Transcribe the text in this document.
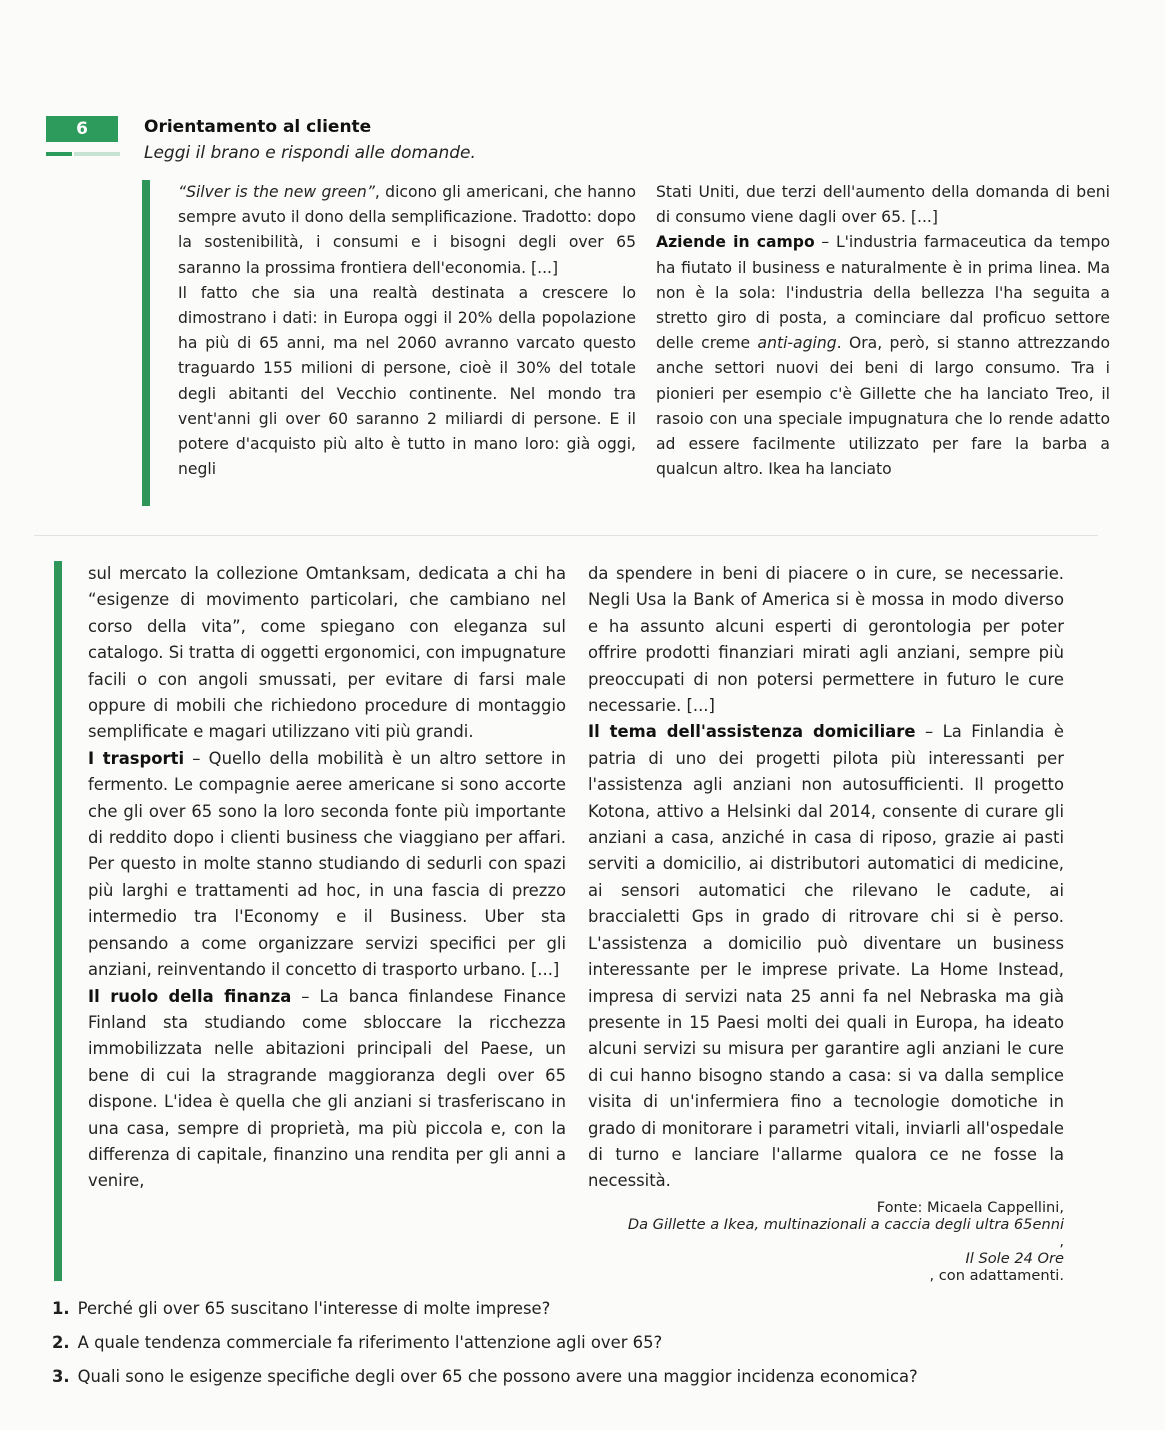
6	Orientamento al cliente
Leggi il brano e rispondi alle domande.

“Silver is the new green”, dicono gli americani, che hanno sempre avuto il dono della semplificazione. Tradotto: dopo la sostenibilità, i consumi e i bisogni degli over 65 saranno la prossima frontiera dell'economia. [...]

Il fatto che sia una realtà destinata a crescere lo dimostrano i dati: in Europa oggi il 20% della popolazione ha più di 65 anni, ma nel 2060 avranno varcato questo traguardo 155 milioni di persone, cioè il 30% del totale degli abitanti del Vecchio continente. Nel mondo tra vent'anni gli over 60 saranno 2 miliardi di persone. E il potere d'acquisto più alto è tutto in mano loro: già oggi, negli

Stati Uniti, due terzi dell'aumento della domanda di beni di consumo viene dagli over 65. [...]

Aziende in campo – L'industria farmaceutica da tempo ha fiutato il business e naturalmente è in prima linea. Ma non è la sola: l'industria della bellezza l'ha seguita a stretto giro di posta, a cominciare dal proficuo settore delle creme anti-aging. Ora, però, si stanno attrezzando anche settori nuovi dei beni di largo consumo. Tra i pionieri per esempio c'è Gillette che ha lanciato Treo, il rasoio con una speciale impugnatura che lo rende adatto ad essere facilmente utilizzato per fare la barba a qualcun altro. Ikea ha lanciato

sul mercato la collezione Omtanksam, dedicata a chi ha “esigenze di movimento particolari, che cambiano nel corso della vita”, come spiegano con eleganza sul catalogo. Si tratta di oggetti ergonomici, con impugnature facili o con angoli smussati, per evitare di farsi male oppure di mobili che richiedono procedure di montaggio semplificate e magari utilizzano viti più grandi.

I trasporti – Quello della mobilità è un altro settore in fermento. Le compagnie aeree americane si sono accorte che gli over 65 sono la loro seconda fonte più importante di reddito dopo i clienti business che viaggiano per affari. Per questo in molte stanno studiando di sedurli con spazi più larghi e trattamenti ad hoc, in una fascia di prezzo intermedio tra l'Economy e il Business. Uber sta pensando a come organizzare servizi specifici per gli anziani, reinventando il concetto di trasporto urbano. [...]

Il ruolo della finanza – La banca finlandese Finance Finland sta studiando come sbloccare la ricchezza immobilizzata nelle abitazioni principali del Paese, un bene di cui la stragrande maggioranza degli over 65 dispone. L'idea è quella che gli anziani si trasferiscano in una casa, sempre di proprietà, ma più piccola e, con la differenza di capitale, finanzino una rendita per gli anni a venire,

da spendere in beni di piacere o in cure, se necessarie. Negli Usa la Bank of America si è mossa in modo diverso e ha assunto alcuni esperti di gerontologia per poter offrire prodotti finanziari mirati agli anziani, sempre più preoccupati di non potersi permettere in futuro le cure necessarie. [...]

Il tema dell'assistenza domiciliare – La Finlandia è patria di uno dei progetti pilota più interessanti per l'assistenza agli anziani non autosufficienti. Il progetto Kotona, attivo a Helsinki dal 2014, consente di curare gli anziani a casa, anziché in casa di riposo, grazie ai pasti serviti a domicilio, ai distributori automatici di medicine, ai sensori automatici che rilevano le cadute, ai braccialetti Gps in grado di ritrovare chi si è perso. L'assistenza a domicilio può diventare un business interessante per le imprese private. La Home Instead, impresa di servizi nata 25 anni fa nel Nebraska ma già presente in 15 Paesi molti dei quali in Europa, ha ideato alcuni servizi su misura per garantire agli anziani le cure di cui hanno bisogno stando a casa: si va dalla semplice visita di un'infermiera fino a tecnologie domotiche in grado di monitorare i parametri vitali, inviarli all'ospedale di turno e lanciare l'allarme qualora ce ne fosse la necessità.

Fonte: Micaela Cappellini,
Da Gillette a Ikea, multinazionali a caccia degli ultra 65enni
,
Il Sole 24 Ore
, con adattamenti.
1. Perché gli over 65 suscitano l'interesse di molte imprese?
2. A quale tendenza commerciale fa riferimento l'attenzione agli over 65?
3. Quali sono le esigenze specifiche degli over 65 che possono avere una maggior incidenza economica?
